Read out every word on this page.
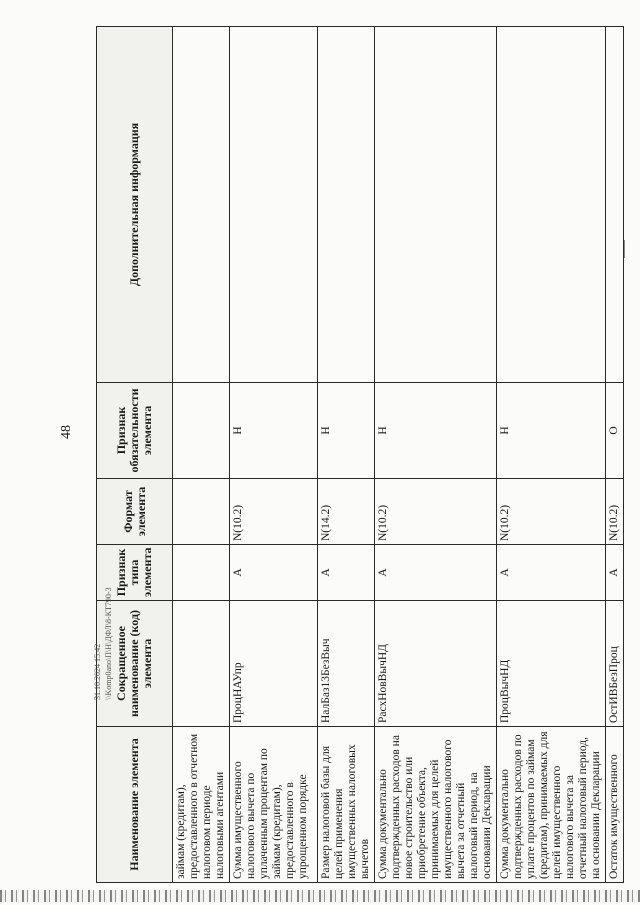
48
Наименование элемента	Сокращенное наименование (код) элемента	Признак типа элемента	Формат элемента	Признак обязательности элемента	Дополнительная информация
займам (кредитам), предоставленного в отчетном налоговом периоде налоговыми агентами					
Сумма имущественного налогового вычета по уплаченным процентам по займам (кредитам), предоставленного в упрощенном порядке	ПроцНАУпр	А	N(10.2)	Н	
Размер налоговой базы для целей применения имущественных налоговых вычетов	НалБаз13БезВыч	А	N(14.2)	Н	
Сумма документально подтвержденных расходов на новое строительство или приобретение объекта, принимаемых для целей имущественного налогового вычета за отчетный налоговый период, на основании Декларации	РасхНовВычНД	А	N(10.2)	Н	
Сумма документально подтвержденных расходов по уплате процентов по займам (кредитам), принимаемых для целей имущественного налогового вычета за отчетный налоговый период, на основании Декларации	ПроцВычНД	А	N(10.2)	Н	
Остаток имущественного	ОстИВБезПроц	А	N(10.2)	О	
31.10.2024 15:42 \\Komp0ano\П\Н\ДФЛ\8-КТ790-3
